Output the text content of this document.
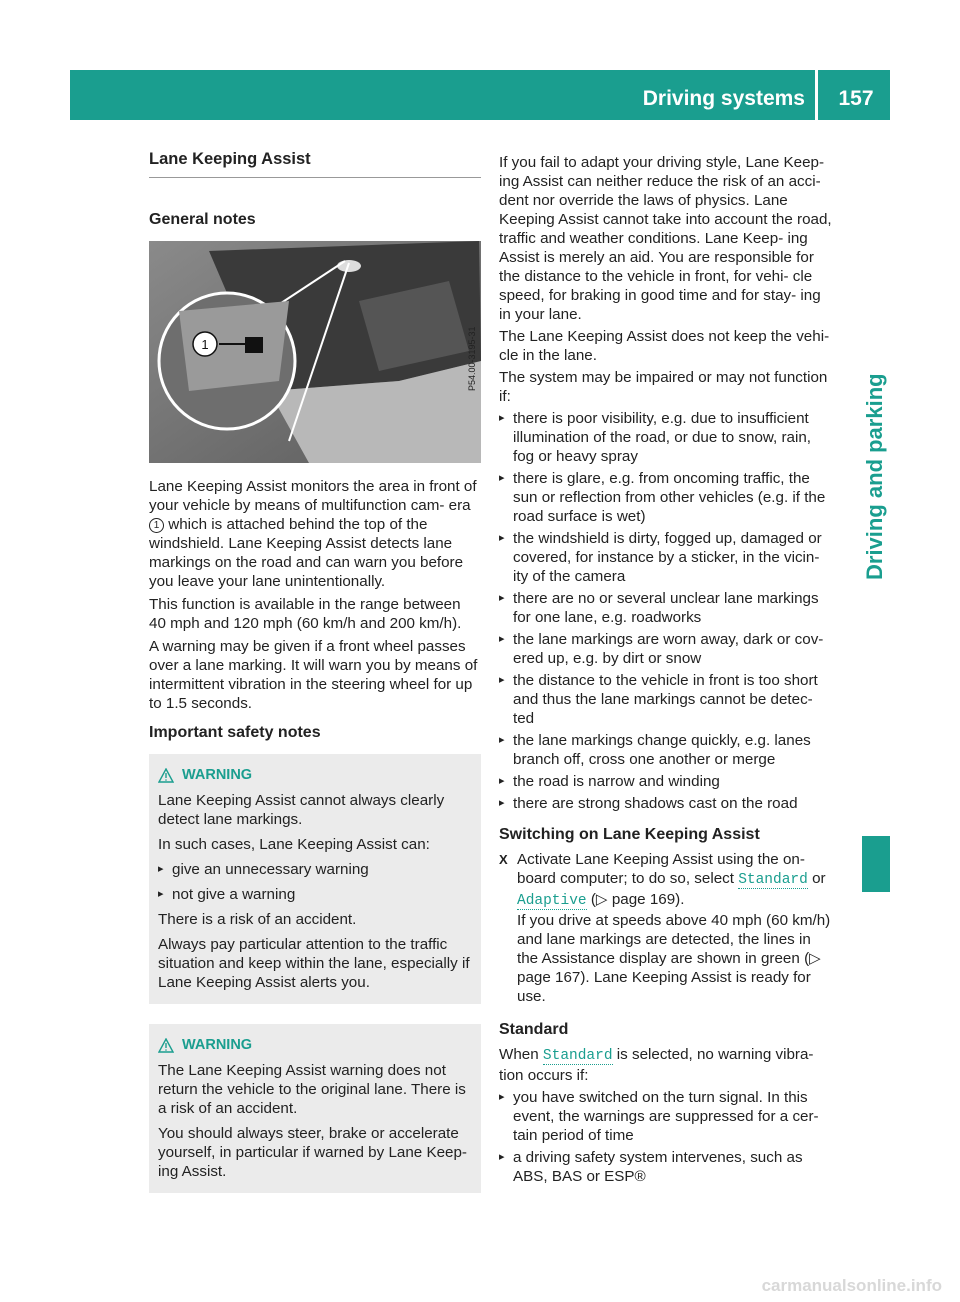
Driving systems	157
Driving and parking
Lane Keeping Assist
General notes
1	P54.00-3195-31

Lane Keeping Assist monitors the area in front of your vehicle by means of multifunction cam- era 1 which is attached behind the top of the windshield. Lane Keeping Assist detects lane markings on the road and can warn you before you leave your lane unintentionally.

This function is available in the range between 40 mph and 120 mph (60 km/h and 200 km/h).

A warning may be given if a front wheel passes over a lane marking. It will warn you by means of intermittent vibration in the steering wheel for up to 1.5 seconds.

Important safety notes
WARNING

Lane Keeping Assist cannot always clearly detect lane markings.

In such cases, Lane Keeping Assist can:

▸ give an unnecessary warning
▸ not give a warning

There is a risk of an accident.

Always pay particular attention to the traffic situation and keep within the lane, especially if Lane Keeping Assist alerts you.

WARNING

The Lane Keeping Assist warning does not return the vehicle to the original lane. There is a risk of an accident.

You should always steer, brake or accelerate yourself, in particular if warned by Lane Keep- ing Assist.

If you fail to adapt your driving style, Lane Keep- ing Assist can neither reduce the risk of an acci- dent nor override the laws of physics. Lane Keeping Assist cannot take into account the road, traffic and weather conditions. Lane Keep- ing Assist is merely an aid. You are responsible for the distance to the vehicle in front, for vehi- cle speed, for braking in good time and for stay- ing in your lane.

The Lane Keeping Assist does not keep the vehi- cle in the lane.

The system may be impaired or may not function if:

▸ there is poor visibility, e.g. due to insufficient illumination of the road, or due to snow, rain, fog or heavy spray
▸ there is glare, e.g. from oncoming traffic, the sun or reflection from other vehicles (e.g. if the road surface is wet)
▸ the windshield is dirty, fogged up, damaged or covered, for instance by a sticker, in the vicin- ity of the camera
▸ there are no or several unclear lane markings for one lane, e.g. roadworks
▸ the lane markings are worn away, dark or cov- ered up, e.g. by dirt or snow
▸ the distance to the vehicle in front is too short and thus the lane markings cannot be detec- ted
▸ the lane markings change quickly, e.g. lanes branch off, cross one another or merge
▸ the road is narrow and winding
▸ there are strong shadows cast on the road
Switching on Lane Keeping Assist
X Activate Lane Keeping Assist using the on- board computer; to do so, select Standard or Adaptive (▷ page 169).
If you drive at speeds above 40 mph (60 km/h) and lane markings are detected, the lines in the Assistance display are shown in green (▷ page 167). Lane Keeping Assist is ready for use.
Standard

When Standard is selected, no warning vibra- tion occurs if:

▸ you have switched on the turn signal. In this event, the warnings are suppressed for a cer- tain period of time
▸ a driving safety system intervenes, such as ABS, BAS or ESP®
carmanualsonline.info
